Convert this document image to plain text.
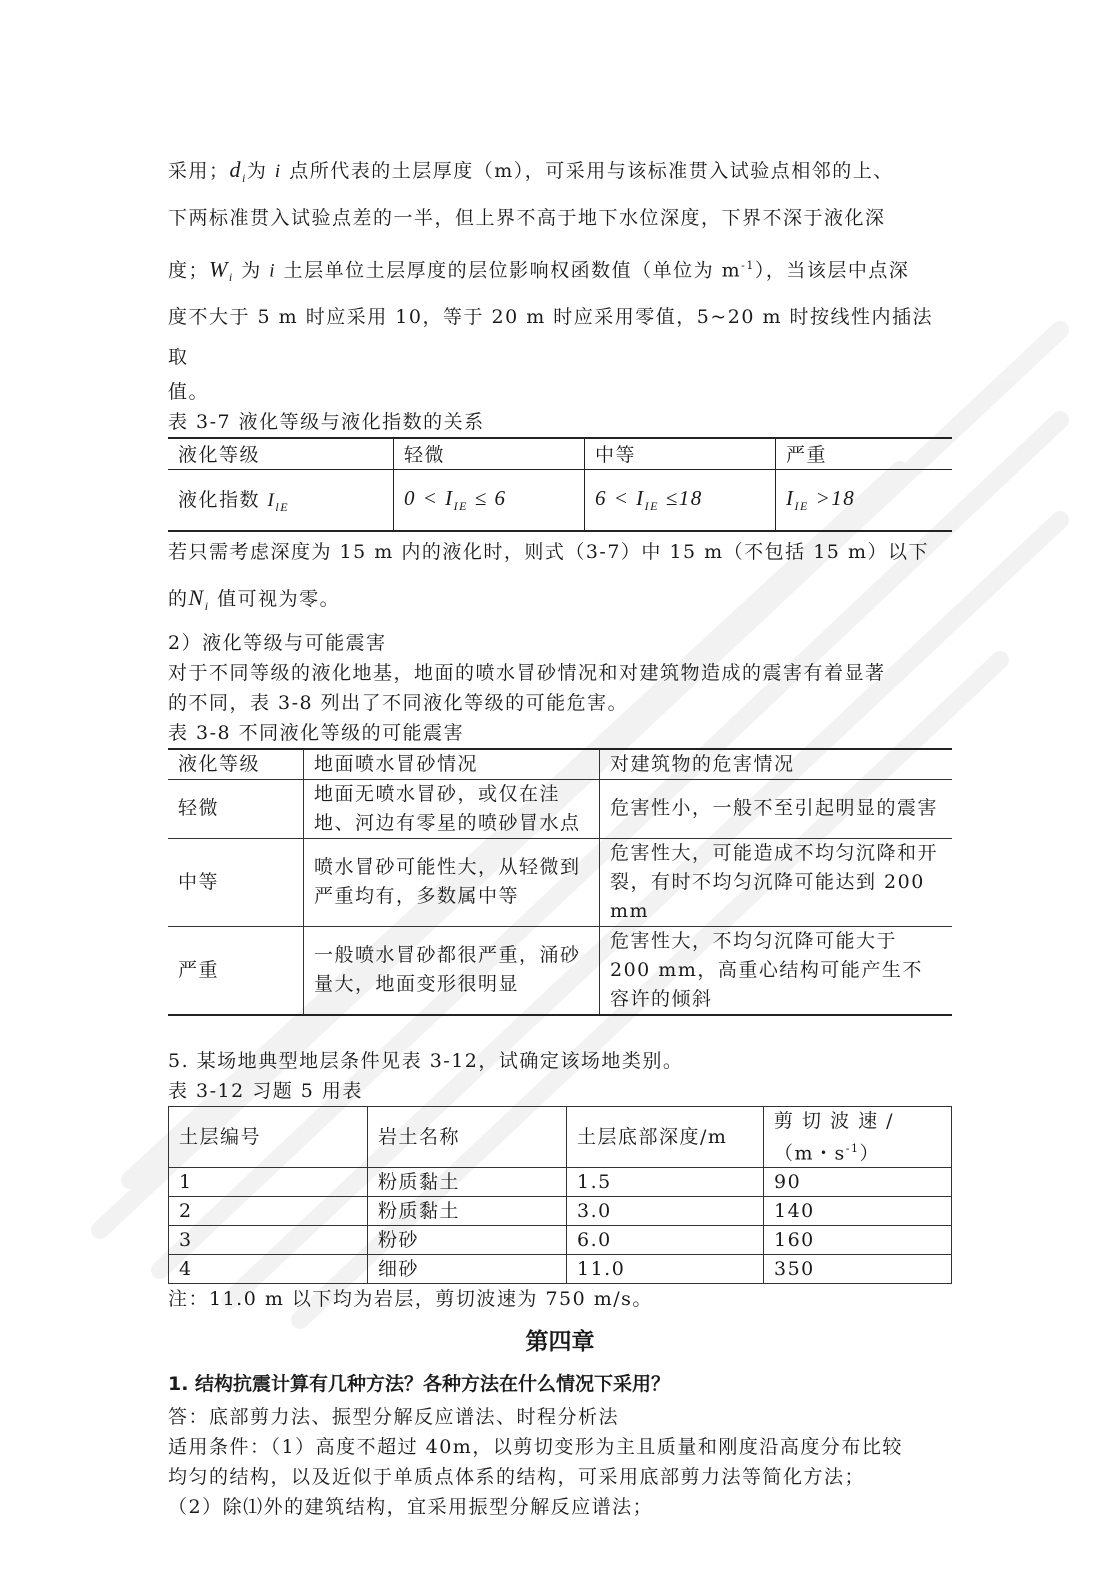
采用；$d_i$为 i 点所代表的土层厚度（m），可采用与该标准贯入试验点相邻的上、

下两标准贯入试验点差的一半，但上界不高于地下水位深度，下界不深于液化深

度；$W_i$ 为 i 土层单位土层厚度的层位影响权函数值（单位为 $m^{-1}$），当该层中点深

度不大于 5 m 时应采用 10，等于 20 m 时应采用零值，5~20 m 时按线性内插法取

值。

表 3-7 液化等级与液化指数的关系

液化等级	轻微	中等	严重
液化指数 $I_{lE}$	$0 < I_{IE} \le 6$	$6 < I_{IE} \le 18$	$I_{IE} >18$

若只需考虑深度为 15 m 内的液化时，则式（3-7）中 15 m（不包括 15 m）以下

的$N_i$ 值可视为零。

2）液化等级与可能震害

对于不同等级的液化地基，地面的喷水冒砂情况和对建筑物造成的震害有着显著

的不同，表 3-8 列出了不同液化等级的可能危害。

表 3-8 不同液化等级的可能震害

液化等级	地面喷水冒砂情况	对建筑物的危害情况
轻微	地面无喷水冒砂，或仅在洼地、河边有零星的喷砂冒水点	危害性小，一般不至引起明显的震害
中等	喷水冒砂可能性大，从轻微到严重均有，多数属中等	危害性大，可能造成不均匀沉降和开裂，有时不均匀沉降可能达到 200 mm
严重	一般喷水冒砂都很严重，涌砂量大，地面变形很明显	危害性大，不均匀沉降可能大于 200 mm，高重心结构可能产生不容许的倾斜

5. 某场地典型地层条件见表 3-12，试确定该场地类别。

表 3-12 习题 5 用表

土层编号	岩土名称	土层底部深度/m	剪 切 波 速 /
（m・$s^{-1}$）

1	粉质黏土	1.5	90
2	粉质黏土	3.0	140
3	粉砂	6.0	160
4	细砂	11.0	350

注：11.0 m 以下均为岩层，剪切波速为 750 m/s。

第四章

1. 结构抗震计算有几种方法？各种方法在什么情况下采用？

答：底部剪力法、振型分解反应谱法、时程分析法

适用条件：（1）高度不超过 40m，以剪切变形为主且质量和刚度沿高度分布比较

均匀的结构，以及近似于单质点体系的结构，可采用底部剪力法等简化方法；

（2）除⑴外的建筑结构，宜采用振型分解反应谱法；
